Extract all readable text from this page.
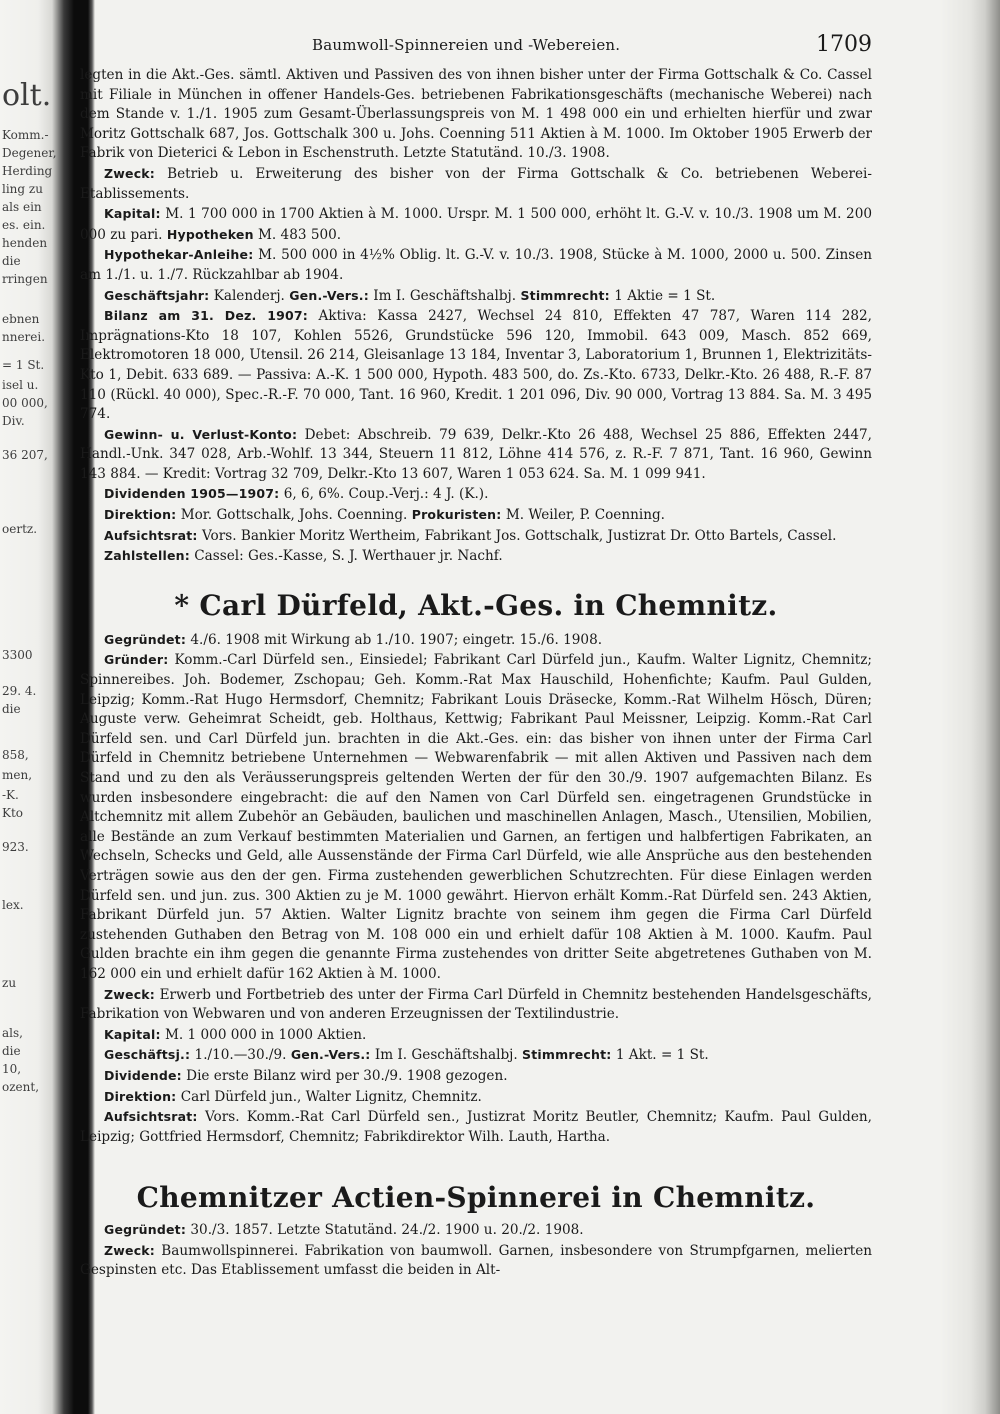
olt.
Komm.-
Degener,
Herding
ling zu
als ein
es. ein.
henden
die
rringen
ebnen
nnerei.
= 1 St.
isel u.
00 000,
Div.
36 207,
oertz.
3300
29. 4.
die
858,
men,
-K.
Kto
923.
lex.
zu
als,
die
10,
ozent,
Baumwoll-Spinnereien und -Webereien.	1709

legten in die Akt.-Ges. sämtl. Aktiven und Passiven des von ihnen bisher unter der Firma Gottschalk & Co. Cassel mit Filiale in München in offener Handels-Ges. betriebenen Fabrikationsgeschäfts (mechanische Weberei) nach dem Stande v. 1./1. 1905 zum Gesamt-Überlassungspreis von M. 1 498 000 ein und erhielten hierfür und zwar Moritz Gottschalk 687, Jos. Gottschalk 300 u. Johs. Coenning 511 Aktien à M. 1000. Im Oktober 1905 Erwerb der Fabrik von Dieterici & Lebon in Eschenstruth. Letzte Statutänd. 10./3. 1908.

Zweck: Betrieb u. Erweiterung des bisher von der Firma Gottschalk & Co. betriebenen Weberei-Etablissements.

Kapital: M. 1 700 000 in 1700 Aktien à M. 1000. Urspr. M. 1 500 000, erhöht lt. G.-V. v. 10./3. 1908 um M. 200 000 zu pari. Hypotheken M. 483 500.

Hypothekar-Anleihe: M. 500 000 in 4½% Oblig. lt. G.-V. v. 10./3. 1908, Stücke à M. 1000, 2000 u. 500. Zinsen am 1./1. u. 1./7. Rückzahlbar ab 1904.

Geschäftsjahr: Kalenderj. Gen.-Vers.: Im I. Geschäftshalbj. Stimmrecht: 1 Aktie = 1 St.

Bilanz am 31. Dez. 1907: Aktiva: Kassa 2427, Wechsel 24 810, Effekten 47 787, Waren 114 282, Imprägnations-Kto 18 107, Kohlen 5526, Grundstücke 596 120, Immobil. 643 009, Masch. 852 669, Elektromotoren 18 000, Utensil. 26 214, Gleisanlage 13 184, Inventar 3, Laboratorium 1, Brunnen 1, Elektrizitäts-Kto 1, Debit. 633 689. — Passiva: A.-K. 1 500 000, Hypoth. 483 500, do. Zs.-Kto. 6733, Delkr.-Kto. 26 488, R.-F. 87 110 (Rückl. 40 000), Spec.-R.-F. 70 000, Tant. 16 960, Kredit. 1 201 096, Div. 90 000, Vortrag 13 884. Sa. M. 3 495 774.

Gewinn- u. Verlust-Konto: Debet: Abschreib. 79 639, Delkr.-Kto 26 488, Wechsel 25 886, Effekten 2447, Handl.-Unk. 347 028, Arb.-Wohlf. 13 344, Steuern 11 812, Löhne 414 576, z. R.-F. 7 871, Tant. 16 960, Gewinn 143 884. — Kredit: Vortrag 32 709, Delkr.-Kto 13 607, Waren 1 053 624. Sa. M. 1 099 941.

Dividenden 1905—1907: 6, 6, 6%. Coup.-Verj.: 4 J. (K.).

Direktion: Mor. Gottschalk, Johs. Coenning. Prokuristen: M. Weiler, P. Coenning.

Aufsichtsrat: Vors. Bankier Moritz Wertheim, Fabrikant Jos. Gottschalk, Justizrat Dr. Otto Bartels, Cassel.

Zahlstellen: Cassel: Ges.-Kasse, S. J. Werthauer jr. Nachf.

* Carl Dürfeld, Akt.-Ges. in Chemnitz.

Gegründet: 4./6. 1908 mit Wirkung ab 1./10. 1907; eingetr. 15./6. 1908.

Gründer: Komm.-Carl Dürfeld sen., Einsiedel; Fabrikant Carl Dürfeld jun., Kaufm. Walter Lignitz, Chemnitz; Spinnereibes. Joh. Bodemer, Zschopau; Geh. Komm.-Rat Max Hauschild, Hohenfichte; Kaufm. Paul Gulden, Leipzig; Komm.-Rat Hugo Hermsdorf, Chemnitz; Fabrikant Louis Dräsecke, Komm.-Rat Wilhelm Hösch, Düren; Auguste verw. Geheimrat Scheidt, geb. Holthaus, Kettwig; Fabrikant Paul Meissner, Leipzig. Komm.-Rat Carl Dürfeld sen. und Carl Dürfeld jun. brachten in die Akt.-Ges. ein: das bisher von ihnen unter der Firma Carl Dürfeld in Chemnitz betriebene Unternehmen — Webwarenfabrik — mit allen Aktiven und Passiven nach dem Stand und zu den als Veräusserungspreis geltenden Werten der für den 30./9. 1907 aufgemachten Bilanz. Es wurden insbesondere eingebracht: die auf den Namen von Carl Dürfeld sen. eingetragenen Grundstücke in Altchemnitz mit allem Zubehör an Gebäuden, baulichen und maschinellen Anlagen, Masch., Utensilien, Mobilien, alle Bestände an zum Verkauf bestimmten Materialien und Garnen, an fertigen und halbfertigen Fabrikaten, an Wechseln, Schecks und Geld, alle Aussenstände der Firma Carl Dürfeld, wie alle Ansprüche aus den bestehenden Verträgen sowie aus den der gen. Firma zustehenden gewerblichen Schutzrechten. Für diese Einlagen werden Dürfeld sen. und jun. zus. 300 Aktien zu je M. 1000 gewährt. Hiervon erhält Komm.-Rat Dürfeld sen. 243 Aktien, Fabrikant Dürfeld jun. 57 Aktien. Walter Lignitz brachte von seinem ihm gegen die Firma Carl Dürfeld zustehenden Guthaben den Betrag von M. 108 000 ein und erhielt dafür 108 Aktien à M. 1000. Kaufm. Paul Gulden brachte ein ihm gegen die genannte Firma zustehendes von dritter Seite abgetretenes Guthaben von M. 162 000 ein und erhielt dafür 162 Aktien à M. 1000.

Zweck: Erwerb und Fortbetrieb des unter der Firma Carl Dürfeld in Chemnitz bestehenden Handelsgeschäfts, Fabrikation von Webwaren und von anderen Erzeugnissen der Textilindustrie.

Kapital: M. 1 000 000 in 1000 Aktien.

Geschäftsj.: 1./10.—30./9. Gen.-Vers.: Im I. Geschäftshalbj. Stimmrecht: 1 Akt. = 1 St.

Dividende: Die erste Bilanz wird per 30./9. 1908 gezogen.

Direktion: Carl Dürfeld jun., Walter Lignitz, Chemnitz.

Aufsichtsrat: Vors. Komm.-Rat Carl Dürfeld sen., Justizrat Moritz Beutler, Chemnitz; Kaufm. Paul Gulden, Leipzig; Gottfried Hermsdorf, Chemnitz; Fabrikdirektor Wilh. Lauth, Hartha.

Chemnitzer Actien-Spinnerei in Chemnitz.

Gegründet: 30./3. 1857. Letzte Statutänd. 24./2. 1900 u. 20./2. 1908.

Zweck: Baumwollspinnerei. Fabrikation von baumwoll. Garnen, insbesondere von Strumpfgarnen, melierten Gespinsten etc. Das Etablissement umfasst die beiden in Alt-
